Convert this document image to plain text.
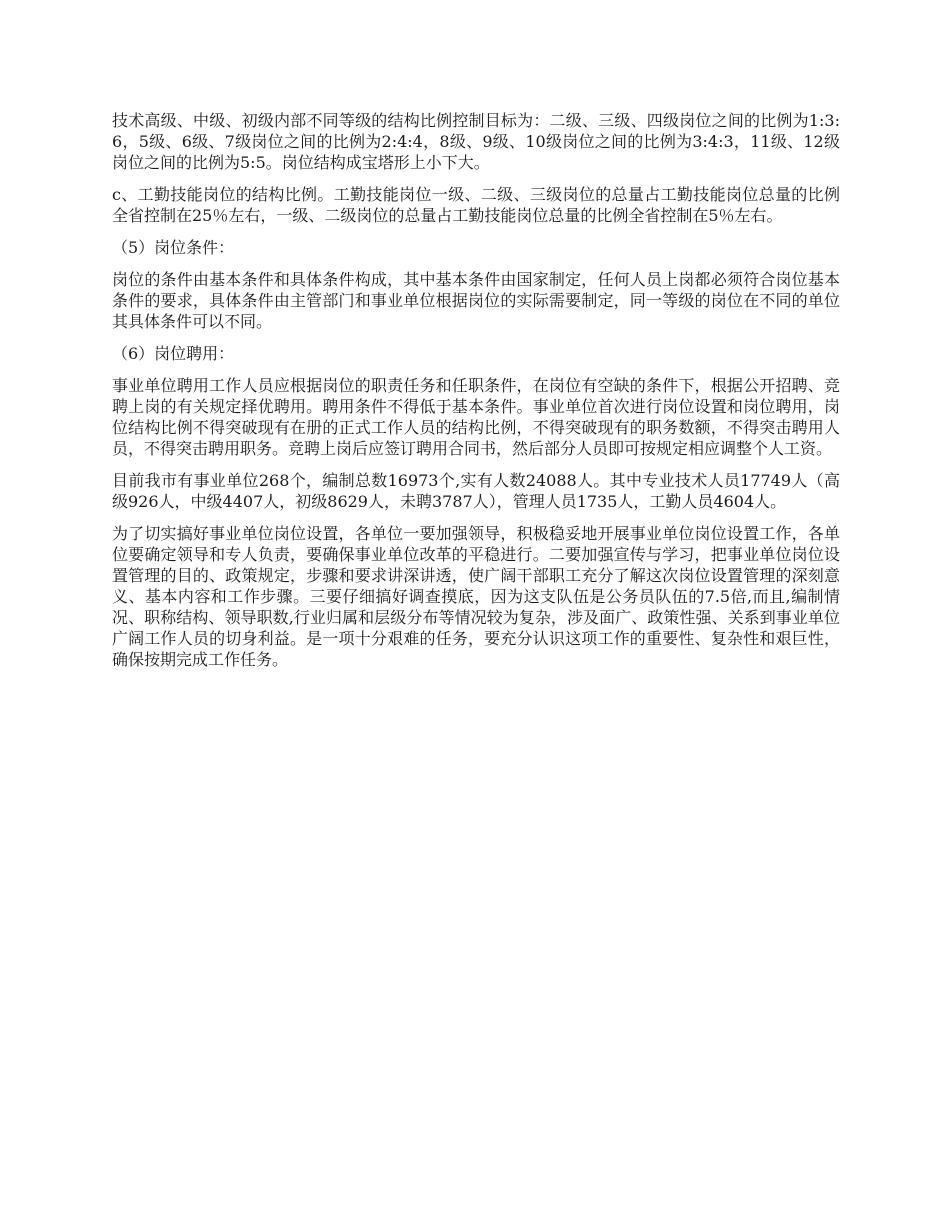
技术高级、中级、初级内部不同等级的结构比例控制目标为：二级、三级、四级岗位之间的比例为1:3:6，5级、6级、7级岗位之间的比例为2:4:4，8级、9级、10级岗位之间的比例为3:4:3，11级、12级岗位之间的比例为5:5。岗位结构成宝塔形上小下大。

c、工勤技能岗位的结构比例。工勤技能岗位一级、二级、三级岗位的总量占工勤技能岗位总量的比例全省控制在25％左右，一级、二级岗位的总量占工勤技能岗位总量的比例全省控制在5％左右。

（5）岗位条件：

岗位的条件由基本条件和具体条件构成，其中基本条件由国家制定，任何人员上岗都必须符合岗位基本条件的要求，具体条件由主管部门和事业单位根据岗位的实际需要制定，同一等级的岗位在不同的单位其具体条件可以不同。

（6）岗位聘用：

事业单位聘用工作人员应根据岗位的职责任务和任职条件，在岗位有空缺的条件下，根据公开招聘、竞聘上岗的有关规定择优聘用。聘用条件不得低于基本条件。事业单位首次进行岗位设置和岗位聘用，岗位结构比例不得突破现有在册的正式工作人员的结构比例，不得突破现有的职务数额，不得突击聘用人员，不得突击聘用职务。竞聘上岗后应签订聘用合同书，然后部分人员即可按规定相应调整个人工资。

目前我市有事业单位268个，编制总数16973个,实有人数24088人。其中专业技术人员17749人（高级926人，中级4407人，初级8629人，未聘3787人），管理人员1735人，工勤人员4604人。

为了切实搞好事业单位岗位设置，各单位一要加强领导，积极稳妥地开展事业单位岗位设置工作，各单位要确定领导和专人负责，要确保事业单位改革的平稳进行。二要加强宣传与学习，把事业单位岗位设置管理的目的、政策规定，步骤和要求讲深讲透，使广阔干部职工充分了解这次岗位设置管理的深刻意义、基本内容和工作步骤。三要仔细搞好调查摸底，因为这支队伍是公务员队伍的7.5倍,而且,编制情况、职称结构、领导职数,行业归属和层级分布等情况较为复杂，涉及面广、政策性强、关系到事业单位广阔工作人员的切身利益。是一项十分艰难的任务，要充分认识这项工作的重要性、复杂性和艰巨性，确保按期完成工作任务。
